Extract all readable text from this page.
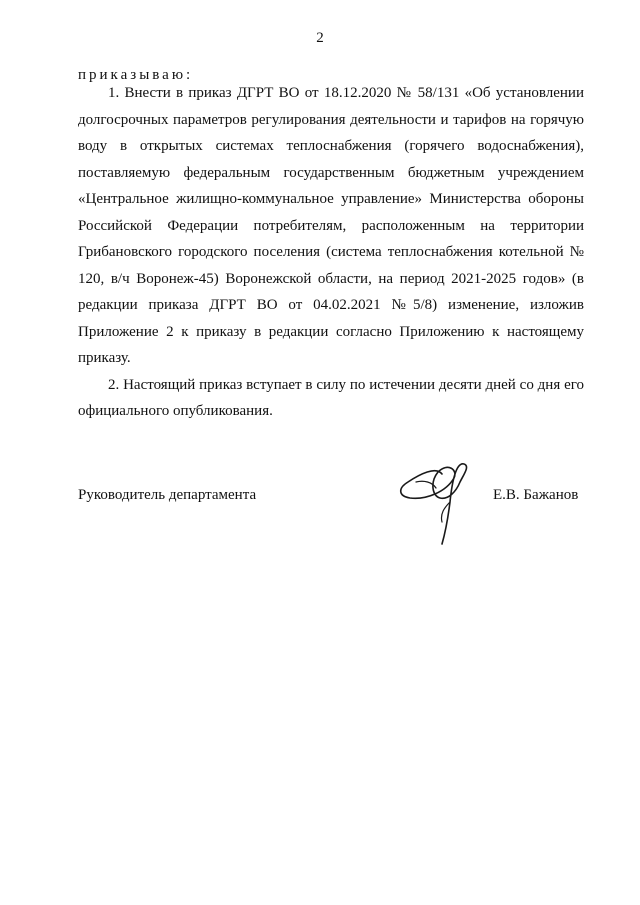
2
приказываю:

1. Внести в приказ ДГРТ ВО от 18.12.2020 № 58/131 «Об установлении долгосрочных параметров регулирования деятельности и тарифов на горячую воду в открытых системах теплоснабжения (горячего водоснабжения), поставляемую федеральным государственным бюджетным учреждением «Центральное жилищно-коммунальное управление» Министерства обороны Российской Федерации потребителям, расположенным на территории Грибановского городского поселения (система теплоснабжения котельной № 120, в/ч Воронеж-45) Воронежской области, на период 2021-2025 годов» (в редакции приказа ДГРТ ВО от 04.02.2021 №5/8) изменение, изложив Приложение 2 к приказу в редакции согласно Приложению к настоящему приказу.

2. Настоящий приказ вступает в силу по истечении десяти дней со дня его официального опубликования.

Руководитель департамента	Е.В. Бажанов
